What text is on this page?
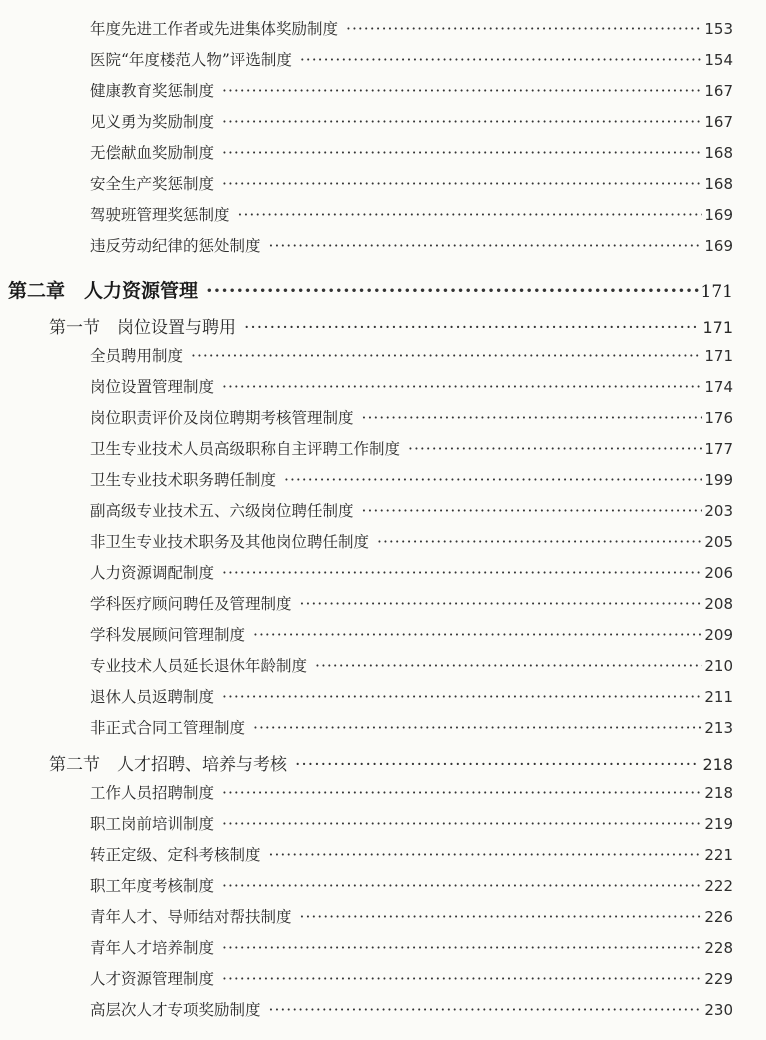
年度先进工作者或先进集体奖励制度 ·····	153
医院“年度楼范人物”评选制度 ·····	154
健康教育奖惩制度 ·····	167
见义勇为奖励制度 ·····	167
无偿献血奖励制度 ·····	168
安全生产奖惩制度 ·····	168
驾驶班管理奖惩制度 ·····	169
违反劳动纪律的惩处制度 ·····	169
第二章　人力资源管理 ·····	171
第一节　岗位设置与聘用 ·····	171
全员聘用制度 ·····	171
岗位设置管理制度 ·····	174
岗位职责评价及岗位聘期考核管理制度 ·····	176
卫生专业技术人员高级职称自主评聘工作制度 ·····	177
卫生专业技术职务聘任制度 ·····	199
副高级专业技术五、六级岗位聘任制度 ·····	203
非卫生专业技术职务及其他岗位聘任制度 ·····	205
人力资源调配制度 ·····	206
学科医疗顾问聘任及管理制度 ·····	208
学科发展顾问管理制度 ·····	209
专业技术人员延长退休年龄制度 ·····	210
退休人员返聘制度 ·····	211
非正式合同工管理制度 ·····	213
第二节　人才招聘、培养与考核 ·····	218
工作人员招聘制度 ·····	218
职工岗前培训制度 ·····	219
转正定级、定科考核制度 ·····	221
职工年度考核制度 ·····	222
青年人才、导师结对帮扶制度 ·····	226
青年人才培养制度 ·····	228
人才资源管理制度 ·····	229
高层次人才专项奖励制度 ·····	230
